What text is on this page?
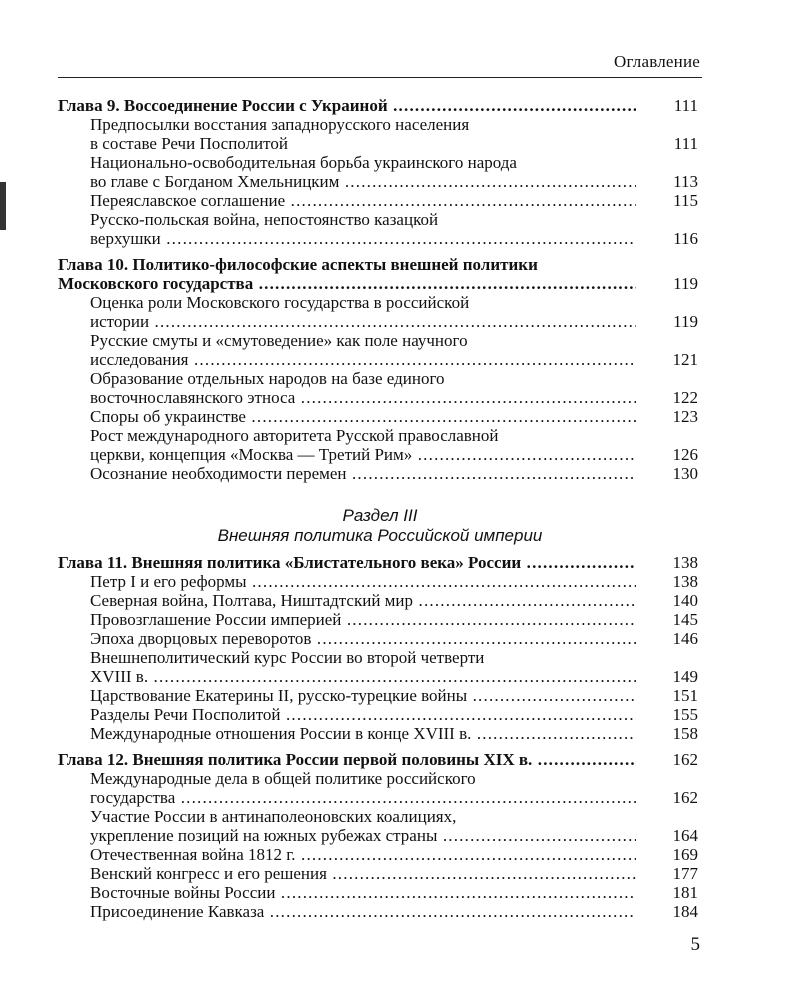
Оглавление
Глава 9. Воссоединение России с Украиной .....	111
Предпосылки восстания западнорусского населения
в составе Речи Посполитой	111
Национально-освободительная борьба украинского народа
во главе с Богданом Хмельницким .....	113
Переяславское соглашение .....	115
Русско-польская война, непостоянство казацкой
верхушки .....	116
Глава 10. Политико-философские аспекты внешней политики
Московского государства .....	119
Оценка роли Московского государства в российской
истории .....	119
Русские смуты и «смутоведение» как поле научного
исследования .....	121
Образование отдельных народов на базе единого
восточнославянского этноса .....	122
Споры об украинстве .....	123
Рост международного авторитета Русской православной
церкви, концепция «Москва — Третий Рим» .....	126
Осознание необходимости перемен .....	130
Раздел III
Внешняя политика Российской империи
Глава 11. Внешняя политика «Блистательного века» России .....	138
Петр I и его реформы .....	138
Северная война, Полтава, Ништадтский мир .....	140
Провозглашение России империей .....	145
Эпоха дворцовых переворотов .....	146
Внешнеполитический курс России во второй четверти
XVIII в. .....	149
Царствование Екатерины II, русско-турецкие войны .....	151
Разделы Речи Посполитой .....	155
Международные отношения России в конце XVIII в. .....	158
Глава 12. Внешняя политика России первой половины XIX в. .....	162
Международные дела в общей политике российского
государства .....	162
Участие России в антинаполеоновских коалициях,
укрепление позиций на южных рубежах страны .....	164
Отечественная война 1812 г. .....	169
Венский конгресс и его решения .....	177
Восточные войны России .....	181
Присоединение Кавказа .....	184
5
